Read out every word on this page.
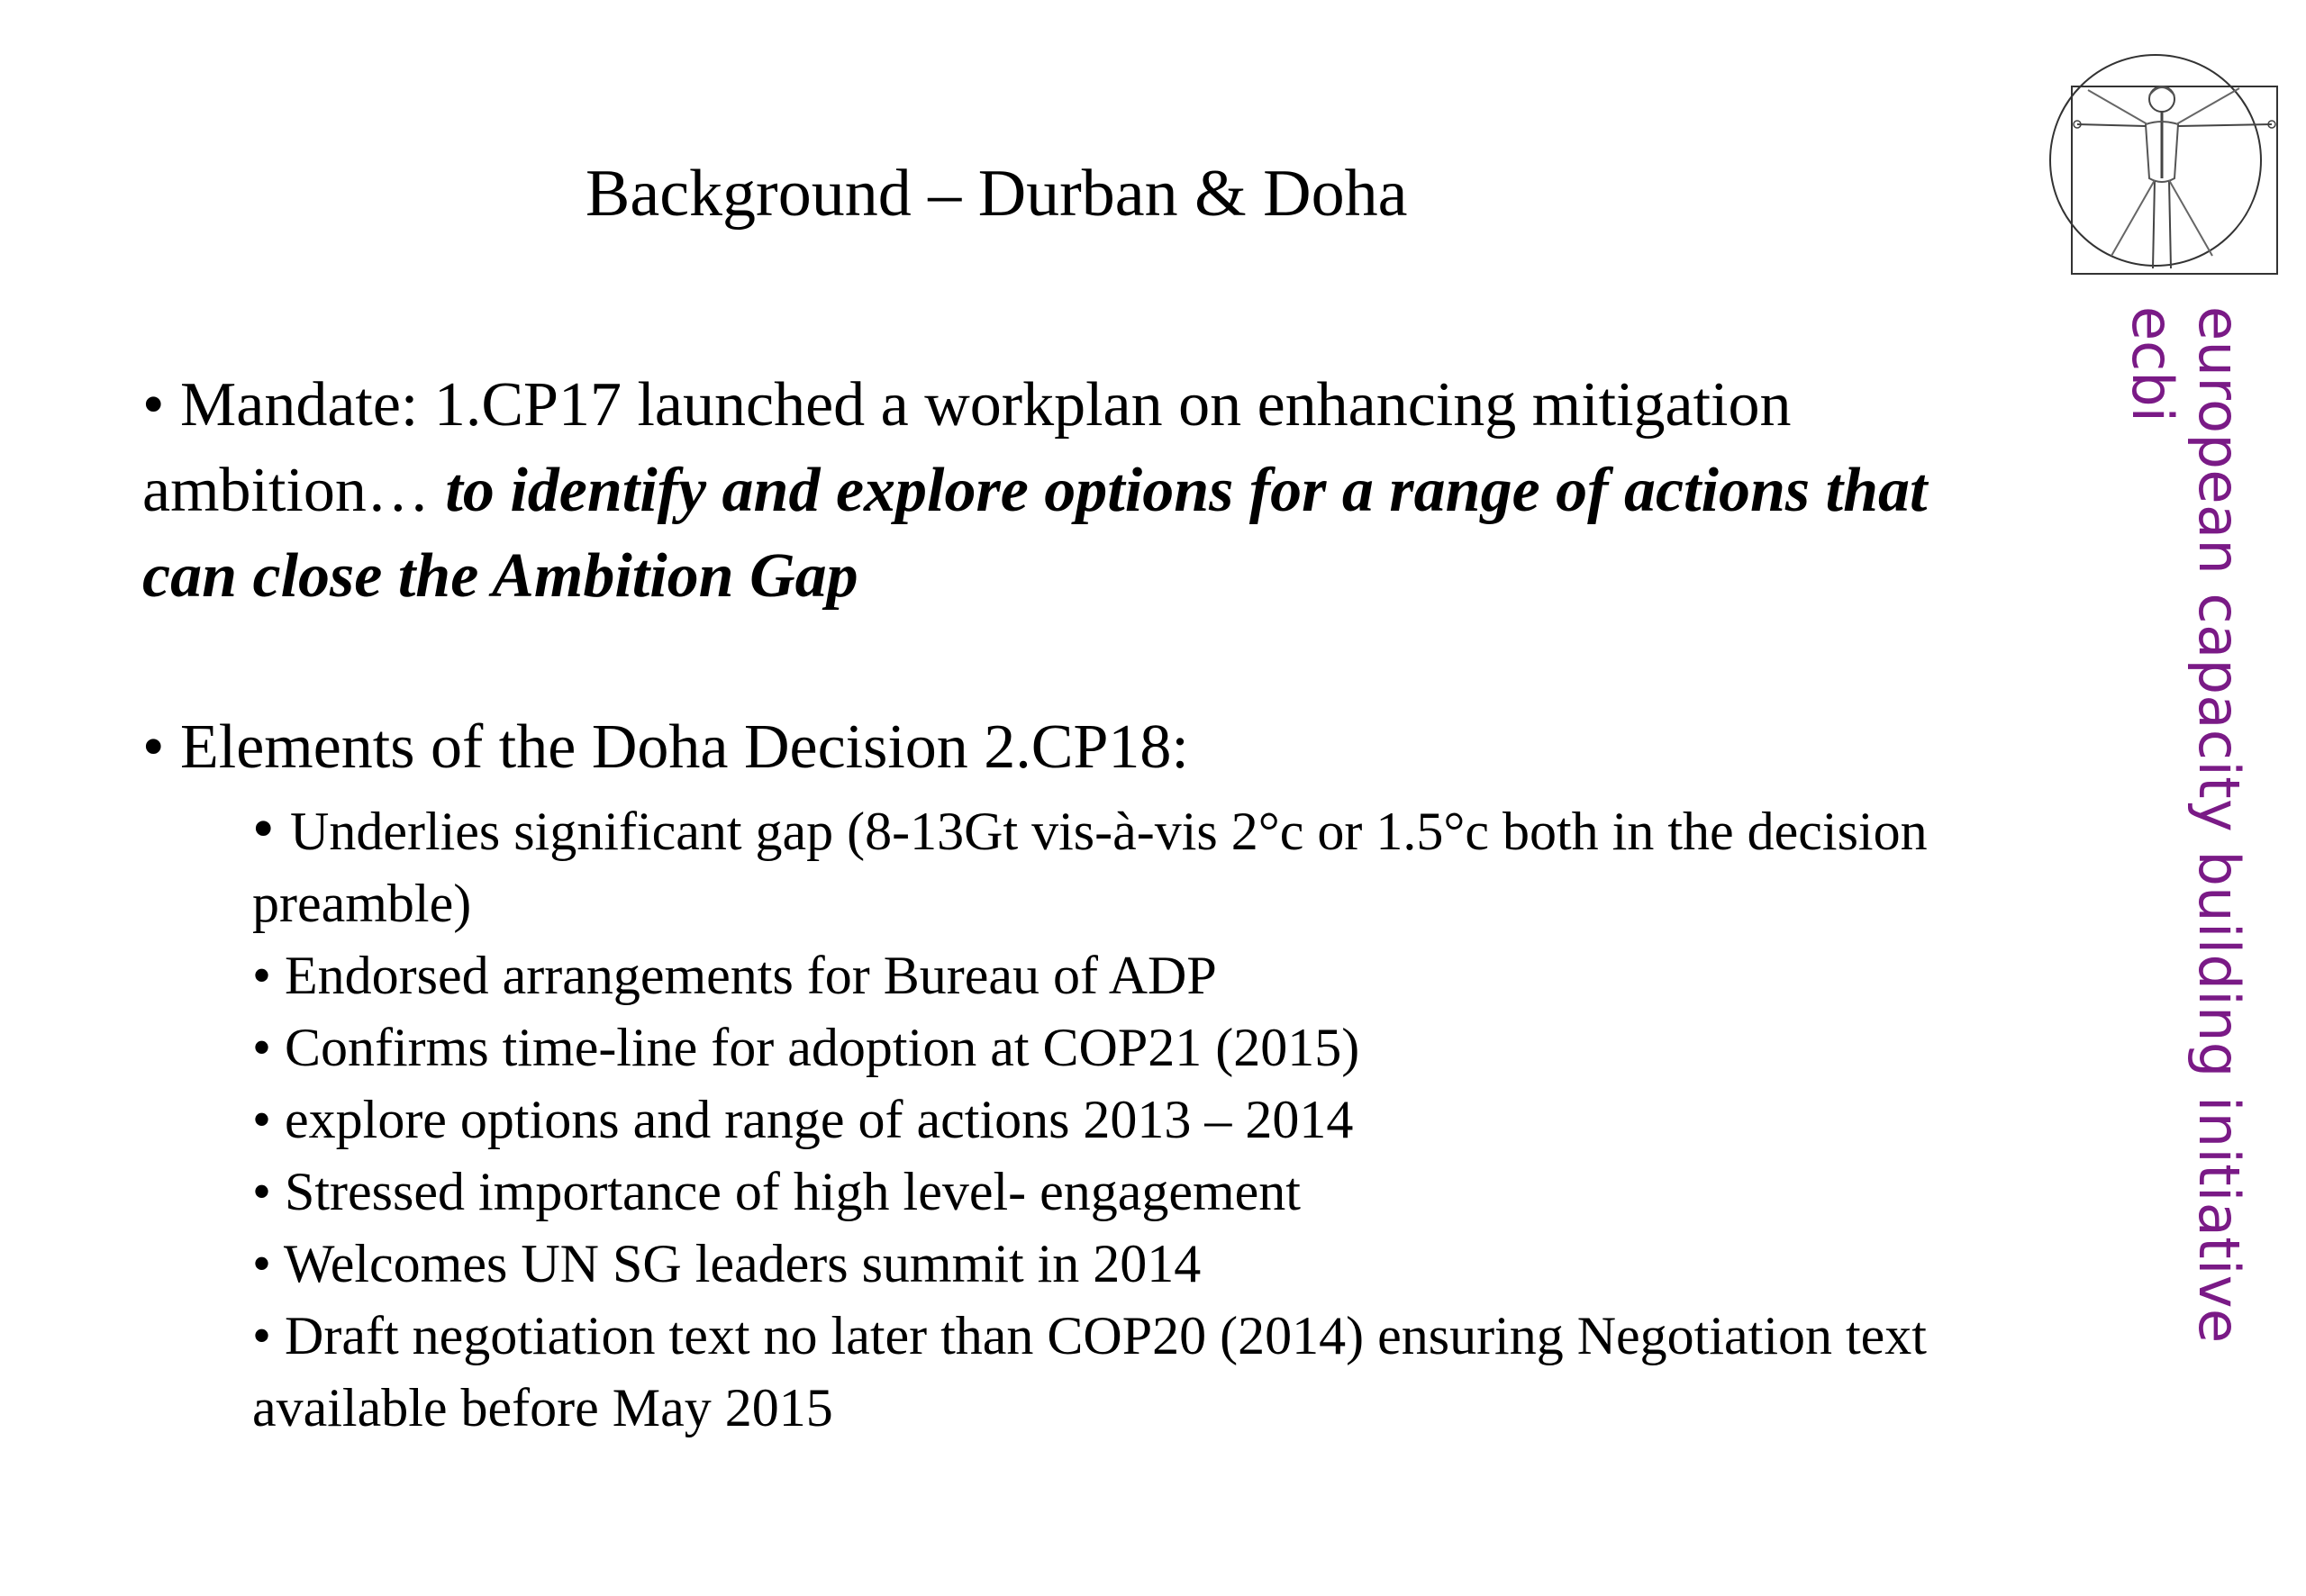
Background – Durban & Doha

• Mandate: 1.CP17 launched a workplan on enhancing mitigation ambition… to identify and explore options for a range of actions that can close the Ambition Gap

• Elements of the Doha Decision 2.CP18:

• Underlies significant gap (8-13Gt vis-à-vis 2°c or 1.5°c both in the decision preamble)
• Endorsed arrangements for Bureau of ADP
• Confirms time-line for adoption at COP21 (2015)
• explore options and range of actions 2013 – 2014
• Stressed importance of high level- engagement
• Welcomes UN SG leaders summit in 2014
• Draft negotiation text no later than COP20 (2014) ensuring Negotiation text available before May 2015
european capacity building initiative
ecbi
